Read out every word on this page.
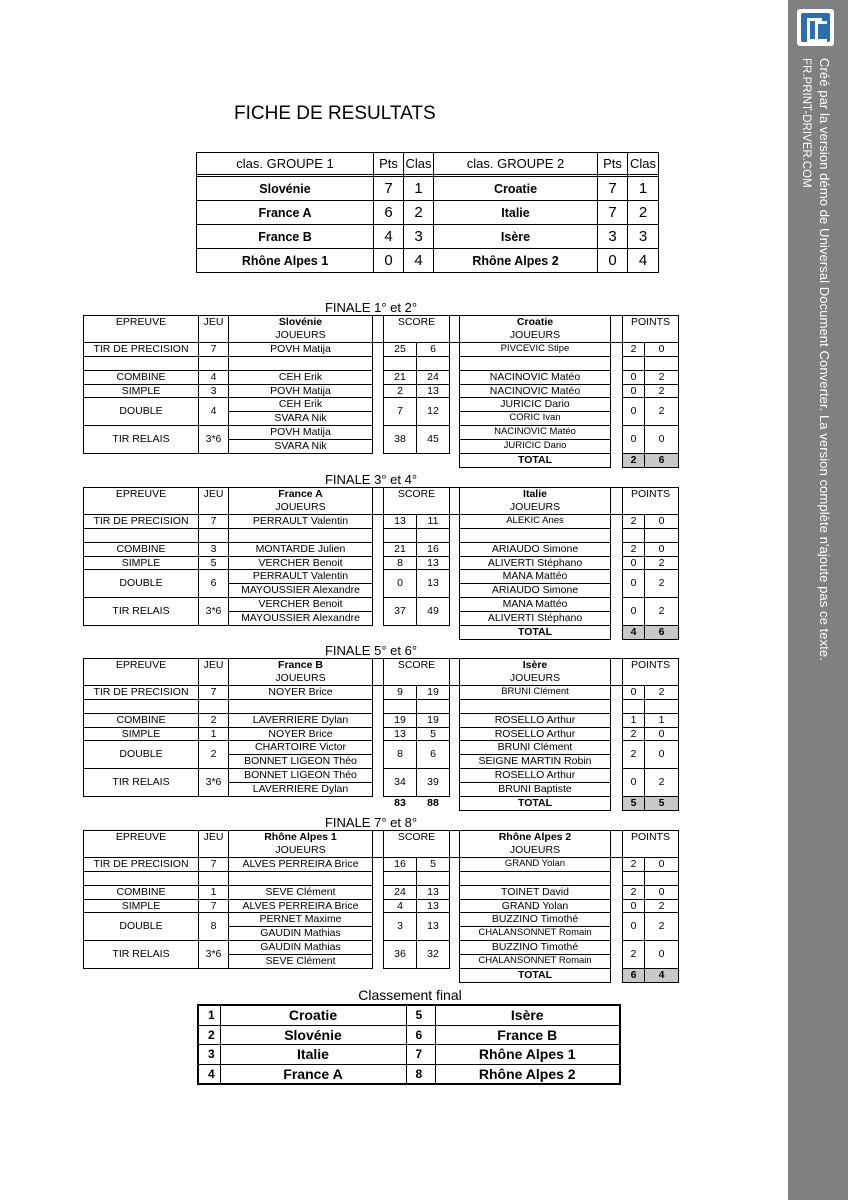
FICHE DE RESULTATS
clas. GROUPE 1	Pts	Clas	clas. GROUPE 2	Pts	Clas

Slovénie	7	1	Croatie	7	1
France A	6	2	Italie	7	2
France B	4	3	Isère	3	3
Rhône Alpes 1	0	4	Rhône Alpes 2	0	4
FINALE 1° et 2°
EPREUVE	JEU	Slovénie		SCORE			Croatie		POINTS	
		JOUEURS					JOUEURS			
TIR DE PRECISION	7	POVH Matija		25	6		PIVCEVIC Stipe		2	0

COMBINE	4	CEH Erik		21	24		NACINOVIC Matéo		0	2
SIMPLE	3	POVH Matija		2	13		NACINOVIC Matéo		0	2
DOUBLE	4	CEH Erik		7	12		JURICIC Dario		0	2
		SVARA Nik					CORIC Ivan			
TIR RELAIS	3*6	POVH Matija		38	45		NACINOVIC Matéo		0	0
		SVARA Nik					JURICIC Dario			
							TOTAL		2	6
FINALE 3° et 4°
EPREUVE	JEU	France A		SCORE			Italie		POINTS	
		JOUEURS					JOUEURS			
TIR DE PRECISION	7	PERRAULT Valentin		13	11		ALEKIC Anes		2	0

COMBINE	3	MONTARDE Julien		21	16		ARIAUDO Simone		2	0
SIMPLE	5	VERCHER Benoit		8	13		ALIVERTI Stéphano		0	2
DOUBLE	6	PERRAULT Valentin		0	13		MANA Mattéo		0	2
		MAYOUSSIER Alexandre					ARIAUDO Simone			
TIR RELAIS	3*6	VERCHER Benoit		37	49		MANA Mattéo		0	2
		MAYOUSSIER Alexandre					ALIVERTI Stéphano			
							TOTAL		4	6
FINALE 5° et 6°
EPREUVE	JEU	France B		SCORE			Isère		POINTS	
		JOUEURS					JOUEURS			
TIR DE PRECISION	7	NOYER Brice		9	19		BRUNI Clément		0	2

COMBINE	2	LAVERRIERE Dylan		19	19		ROSELLO Arthur		1	1
SIMPLE	1	NOYER Brice		13	5		ROSELLO Arthur		2	0
DOUBLE	2	CHARTOIRE Victor		8	6		BRUNI Clément		2	0
		BONNET LIGEON Théo					SEIGNE MARTIN Robin			
TIR RELAIS	3*6	BONNET LIGEON Théo		34	39		ROSELLO Arthur		0	2
		LAVERRIERE Dylan					BRUNI Baptiste			
				83	88		TOTAL		5	5
FINALE 7° et 8°
EPREUVE	JEU	Rhône Alpes 1		SCORE			Rhône Alpes 2		POINTS	
		JOUEURS					JOUEURS			
TIR DE PRECISION	7	ALVES PERREIRA Brice		16	5		GRAND Yolan		2	0

COMBINE	1	SEVE Clément		24	13		TOINET David		2	0
SIMPLE	7	ALVES PERREIRA Brice		4	13		GRAND Yolan		0	2
DOUBLE	8	PERNET Maxime		3	13		BUZZINO Timothé		0	2
		GAUDIN Mathias					CHALANSONNET Romain			
TIR RELAIS	3*6	GAUDIN Mathias		36	32		BUZZINO Timothé		2	0
		SEVE Clément					CHALANSONNET Romain			
							TOTAL		6	4
Classement final
1	Croatie	5	Isère
2	Slovénie	6	France B
3	Italie	7	Rhône Alpes 1
4	France A	8	Rhône Alpes 2
Créé par la version démo de Universal Document Converter. La version complète n'ajoute pas ce texte.
FR.PRINT-DRIVER.COM
